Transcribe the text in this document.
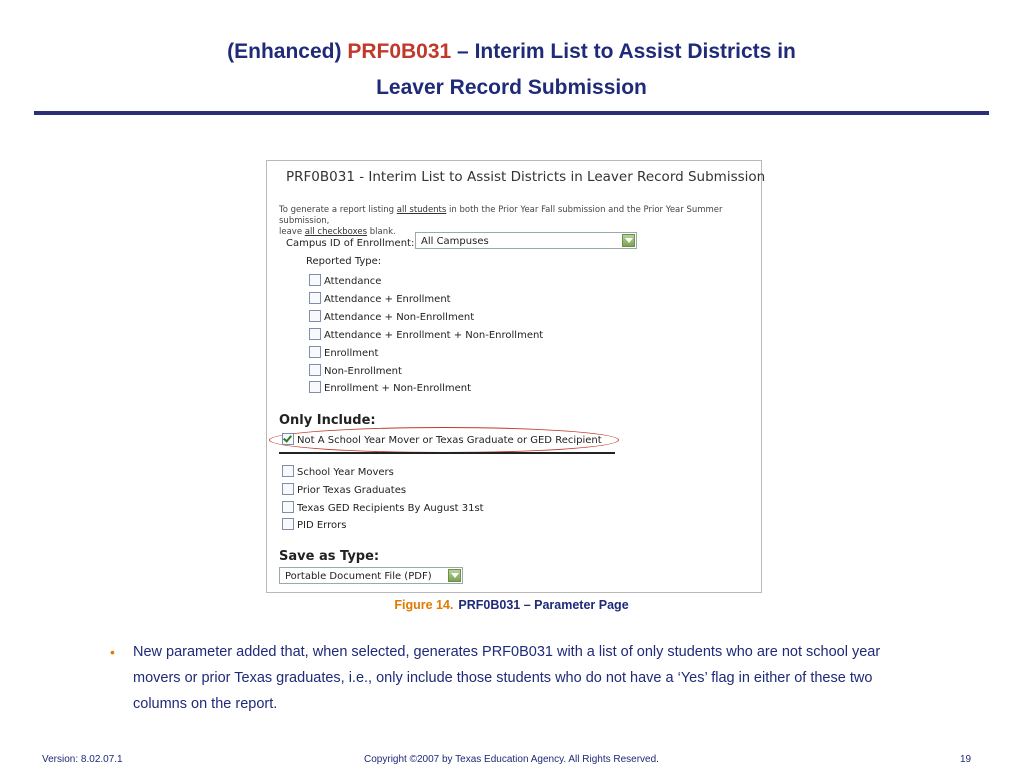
(Enhanced) PRF0B031 – Interim List to Assist Districts in
Leaver Record Submission
PRF0B031 - Interim List to Assist Districts in Leaver Record Submission
To generate a report listing all students in both the Prior Year Fall submission and the Prior Year Summer submission,
leave all checkboxes blank.
Campus ID of Enrollment: All Campuses
Reported Type:
Attendance
Attendance + Enrollment
Attendance + Non-Enrollment
Attendance + Enrollment + Non-Enrollment
Enrollment
Non-Enrollment
Enrollment + Non-Enrollment
Only Include:
Not A School Year Mover or Texas Graduate or GED Recipient
School Year Movers
Prior Texas Graduates
Texas GED Recipients By August 31st
PID Errors
Save as Type:
Portable Document File (PDF)
Figure 14. PRF0B031 – Parameter Page
• New parameter added that, when selected, generates PRF0B031 with a list of only students who are not school year movers or prior Texas graduates, i.e., only include those students who do not have a ‘Yes’ flag in either of these two columns on the report.
Version: 8.02.07.1	Copyright ©2007 by Texas Education Agency. All Rights Reserved.	19
